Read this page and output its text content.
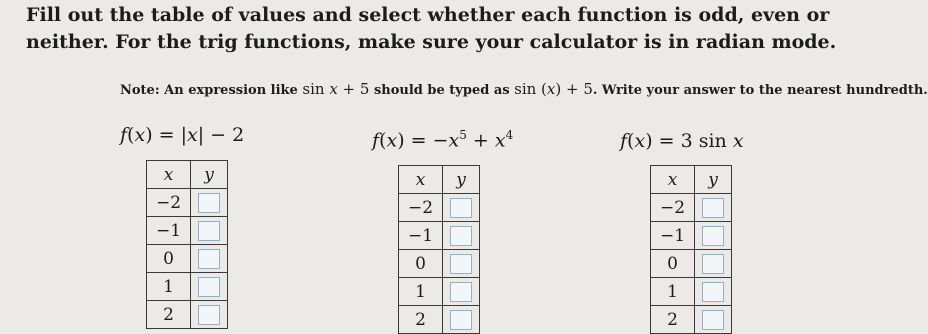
Fill out the table of values and select whether each function is odd, even or neither. For the trig functions, make sure your calculator is in radian mode.
Note: An expression like sin x + 5 should be typed as sin (x) + 5. Write your answer to the nearest hundredth.
f(x) = |x| − 2	$f(x) = -x^5 + x^4$	f(x) = 3 sin x
x	y
−2	
−1	
0	
1	
2	
x	y
−2	
−1	
0	
1	
2	
x	y
−2	
−1	
0	
1	
2	
